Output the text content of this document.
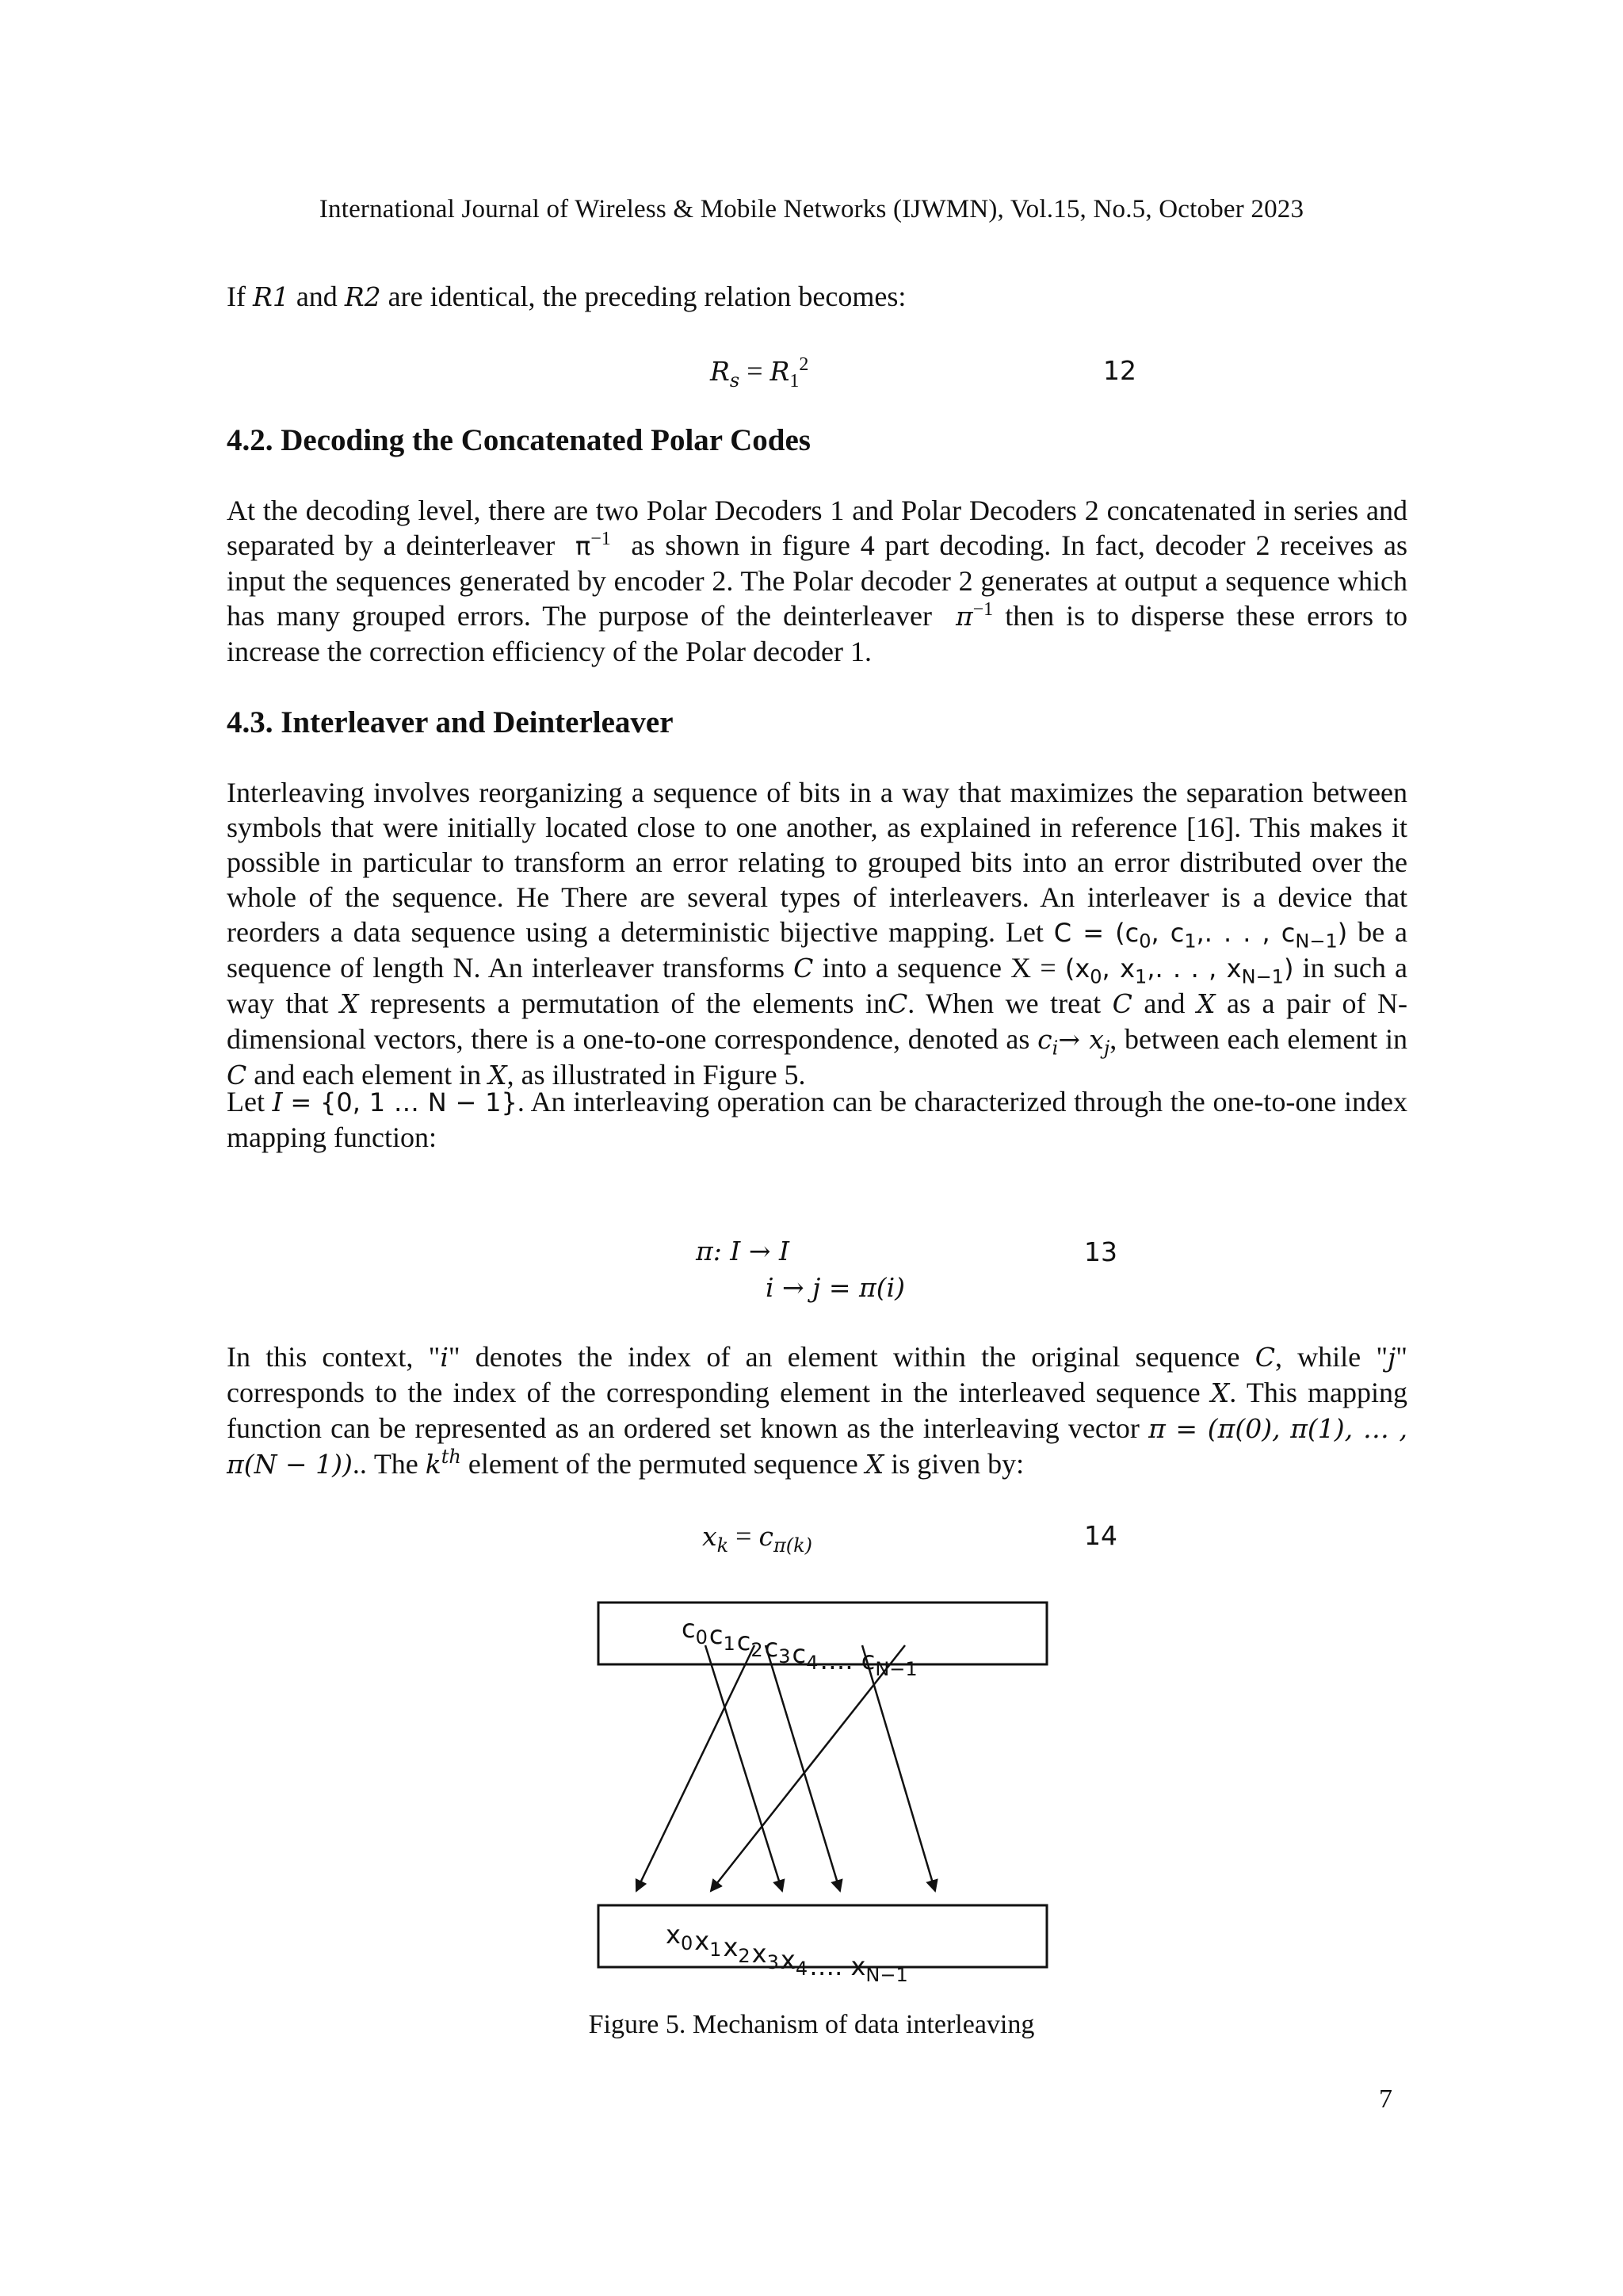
International Journal of Wireless & Mobile Networks (IJWMN), Vol.15, No.5, October 2023

If R1 and R2 are identical, the preceding relation becomes:

$R_s = R_1^2$	12
4.2. Decoding the Concatenated Polar Codes

At the decoding level, there are two Polar Decoders 1 and Polar Decoders 2 concatenated in series and separated by a deinterleaver $\pi^{-1}$ as shown in figure 4 part decoding. In fact, decoder 2 receives as input the sequences generated by encoder 2. The Polar decoder 2 generates at output a sequence which has many grouped errors. The purpose of the deinterleaver $\pi^{-1}$ then is to disperse these errors to increase the correction efficiency of the Polar decoder 1.

4.3. Interleaver and Deinterleaver

Interleaving involves reorganizing a sequence of bits in a way that maximizes the separation between symbols that were initially located close to one another, as explained in reference [16]. This makes it possible in particular to transform an error relating to grouped bits into an error distributed over the whole of the sequence. He There are several types of interleavers. An interleaver is a device that reorders a data sequence using a deterministic bijective mapping. Let $C = (c_0$, $c_1$,. . . , $c_{N-1}$) be a sequence of length N. An interleaver transforms C into a sequence $X = (x_0$, $x_1$,. . . , $x_{N-1}$) in such a way that X represents a permutation of the elements inC. When we treat C and X as a pair of N-dimensional vectors, there is a one-to-one correspondence, denoted as $c_i\to x_j$, between each element in C and each element in X, as illustrated in Figure 5.

Let I = {0, 1 … N − 1}. An interleaving operation can be characterized through the one-to-one index mapping function:

π: I → I
i → j = π(i)
13

In this context, "i" denotes the index of an element within the original sequence C, while "j" corresponds to the index of the corresponding element in the interleaved sequence X. This mapping function can be represented as an ordered set known as the interleaving vector π = (π(0), π(1), … , π(N − 1)).. The $k^{th}$ element of the permuted sequence X is given by:

$x_k = c_{\pi(k)}$	14
$c_0c_1c_2c_3c_4\dots$. $c_{N-1}$
$x_0x_1x_2x_3x_4\dots$. $x_{N-1}$
Figure 5. Mechanism of data interleaving
7
